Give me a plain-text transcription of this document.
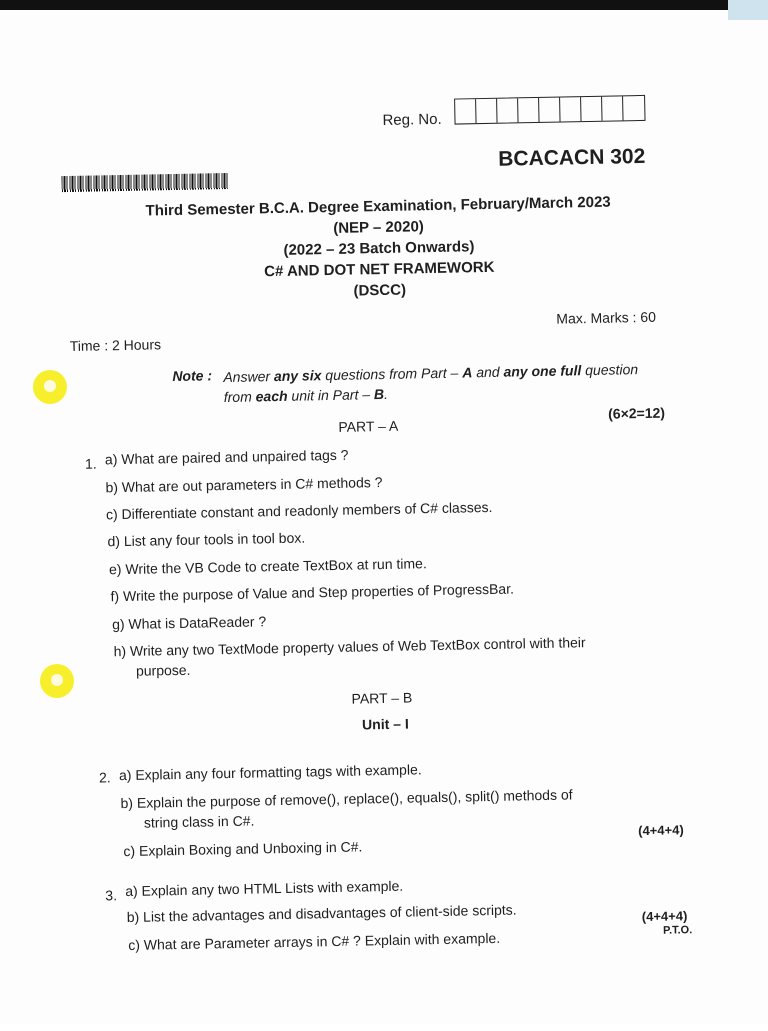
Reg. No.
BCACACN 302
Third Semester B.C.A. Degree Examination, February/March 2023
(NEP – 2020)
(2022 – 23 Batch Onwards)
C# AND DOT NET FRAMEWORK
(DSCC)
Time : 2 Hours
Max. Marks : 60
Note : Answer any six questions from Part – A and any one full question
from each unit in Part – B.
PART – A
(6×2=12)
1. a) What are paired and unpaired tags ?
b) What are out parameters in C# methods ?
c) Differentiate constant and readonly members of C# classes.
d) List any four tools in tool box.
e) Write the VB Code to create TextBox at run time.
f) Write the purpose of Value and Step properties of ProgressBar.
g) What is DataReader ?
h) Write any two TextMode property values of Web TextBox control with their
purpose.
PART – B
Unit – I
2. a) Explain any four formatting tags with example.
b) Explain the purpose of remove(), replace(), equals(), split() methods of
string class in C#.
c) Explain Boxing and Unboxing in C#.
(4+4+4)
3. a) Explain any two HTML Lists with example.
b) List the advantages and disadvantages of client-side scripts.
c) What are Parameter arrays in C# ? Explain with example.
(4+4+4)
P.T.O.
